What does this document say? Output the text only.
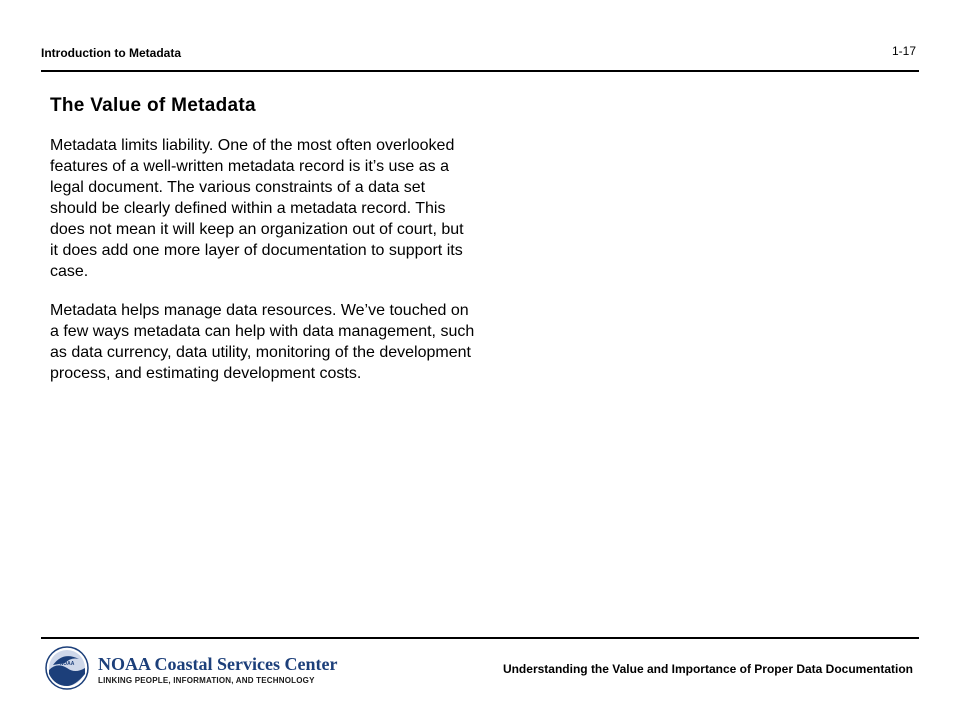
Introduction to Metadata	1-17
The Value of Metadata

Metadata limits liability. One of the most often overlooked features of a well-written metadata record is it’s use as a legal document. The various constraints of a data set should be clearly defined within a metadata record. This does not mean it will keep an organization out of court, but it does add one more layer of documentation to support its case.

Metadata helps manage data resources. We’ve touched on a few ways metadata can help with data management, such as data currency, data utility, monitoring of the development process, and estimating development costs.

NOAA NOAA Coastal Services Center
LINKING PEOPLE, INFORMATION, AND TECHNOLOGY
Understanding the Value and Importance of Proper Data Documentation
